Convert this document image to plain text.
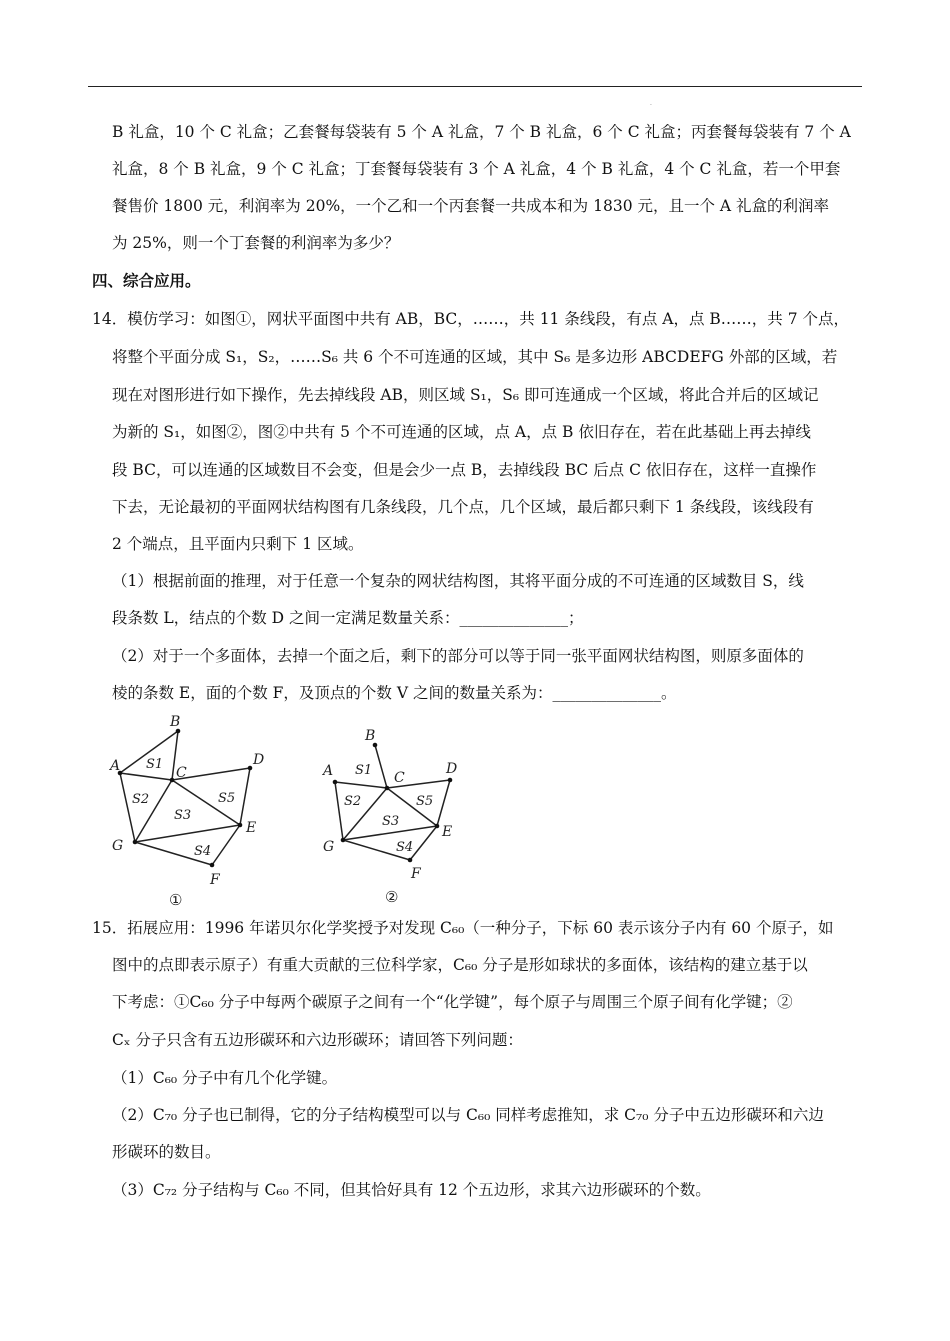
.
B 礼盒，10 个 C 礼盒；乙套餐每袋装有 5 个 A 礼盒，7 个 B 礼盒，6 个 C 礼盒；丙套餐每袋装有 7 个 A
礼盒，8 个 B 礼盒，9 个 C 礼盒；丁套餐每袋装有 3 个 A 礼盒，4 个 B 礼盒，4 个 C 礼盒，若一个甲套
餐售价 1800 元，利润率为 20%，一个乙和一个丙套餐一共成本和为 1830 元，且一个 A 礼盒的利润率
为 25%，则一个丁套餐的利润率为多少？
四、综合应用。
14．模仿学习：如图①，网状平面图中共有 AB，BC，……，共 11 条线段，有点 A，点 B……，共 7 个点，
将整个平面分成 S₁，S₂，……S₆ 共 6 个不可连通的区域，其中 S₆ 是多边形 ABCDEFG 外部的区域，若
现在对图形进行如下操作，先去掉线段 AB，则区域 S₁，S₆ 即可连通成一个区域，将此合并后的区域记
为新的 S₁，如图②，图②中共有 5 个不可连通的区域，点 A，点 B 依旧存在，若在此基础上再去掉线
段 BC，可以连通的区域数目不会变，但是会少一点 B，去掉线段 BC 后点 C 依旧存在，这样一直操作
下去，无论最初的平面网状结构图有几条线段，几个点，几个区域，最后都只剩下 1 条线段，该线段有
2 个端点，且平面内只剩下 1 区域。
（1）根据前面的推理，对于任意一个复杂的网状结构图，其将平面分成的不可连通的区域数目 S，线
段条数 L，结点的个数 D 之间一定满足数量关系：______________；
（2）对于一个多面体，去掉一个面之后，剩下的部分可以等于同一张平面网状结构图，则原多面体的
棱的条数 E，面的个数 F，及顶点的个数 V 之间的数量关系为：______________。
A
B
C
D
E
F
G
S1
S2
S3
S4
S5
①
A
B
C
D
E
F
G
S1
S2
S3
S4
S5
②
15．拓展应用：1996 年诺贝尔化学奖授予对发现 C₆₀（一种分子，下标 60 表示该分子内有 60 个原子，如
图中的点即表示原子）有重大贡献的三位科学家，C₆₀ 分子是形如球状的多面体，该结构的建立基于以
下考虑：①C₆₀ 分子中每两个碳原子之间有一个“化学键”，每个原子与周围三个原子间有化学键；②
Cₓ 分子只含有五边形碳环和六边形碳环；请回答下列问题：
（1）C₆₀ 分子中有几个化学键。
（2）C₇₀ 分子也已制得，它的分子结构模型可以与 C₆₀ 同样考虑推知，求 C₇₀ 分子中五边形碳环和六边
形碳环的数目。
（3）C₇₂ 分子结构与 C₆₀ 不同，但其恰好具有 12 个五边形，求其六边形碳环的个数。
